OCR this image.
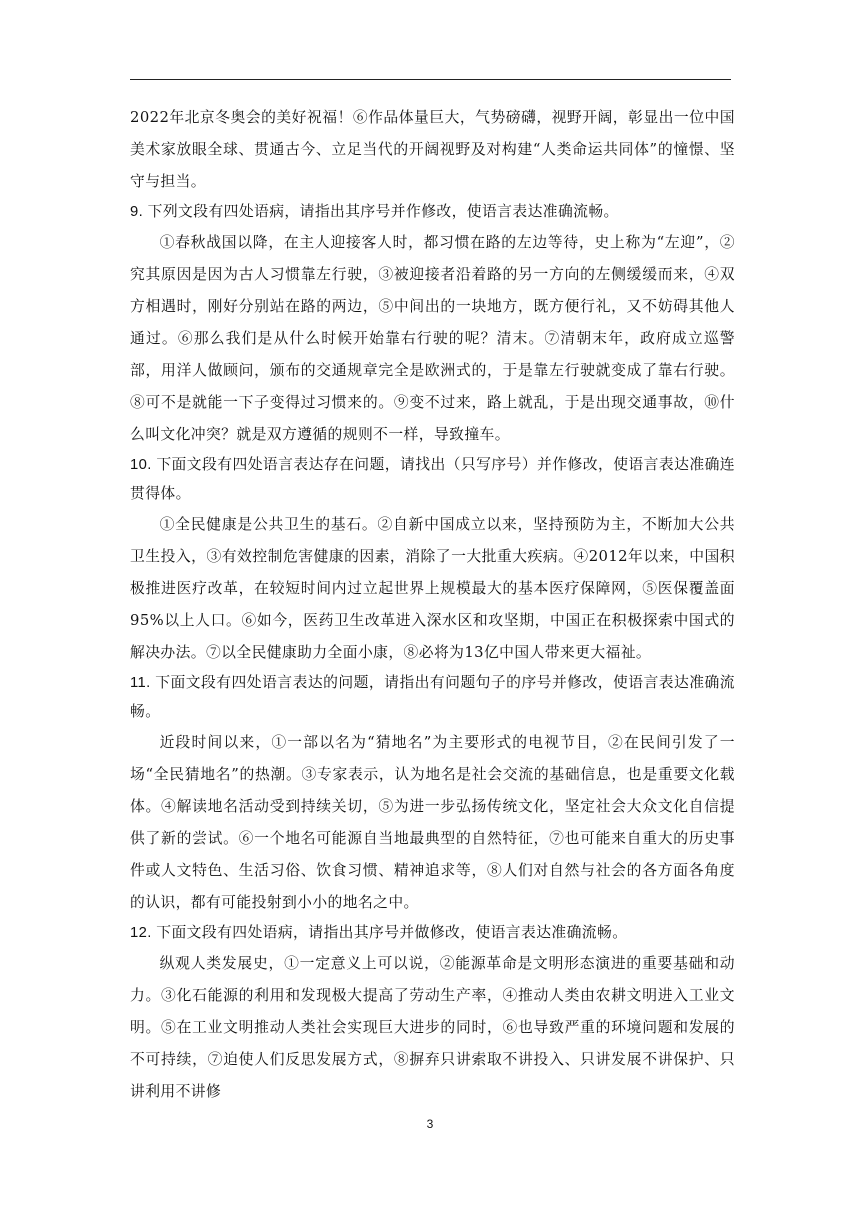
2022年北京冬奥会的美好祝福！⑥作品体量巨大，气势磅礴，视野开阔，彰显出一位中国美术家放眼全球、贯通古今、立足当代的开阔视野及对构建“人类命运共同体”的憧憬、坚守与担当。

9. 下列文段有四处语病，请指出其序号并作修改，使语言表达准确流畅。

①春秋战国以降，在主人迎接客人时，都习惯在路的左边等待，史上称为“左迎”，②究其原因是因为古人习惯靠左行驶，③被迎接者沿着路的另一方向的左侧缓缓而来，④双方相遇时，刚好分别站在路的两边，⑤中间出的一块地方，既方便行礼，又不妨碍其他人通过。⑥那么我们是从什么时候开始靠右行驶的呢？清末。⑦清朝末年，政府成立巡警部，用洋人做顾问，颁布的交通规章完全是欧洲式的，于是靠左行驶就变成了靠右行驶。⑧可不是就能一下子变得过习惯来的。⑨变不过来，路上就乱，于是出现交通事故，⑩什么叫文化冲突？就是双方遵循的规则不一样，导致撞车。

10. 下面文段有四处语言表达存在问题，请找出（只写序号）并作修改，使语言表达准确连贯得体。

①全民健康是公共卫生的基石。②自新中国成立以来，坚持预防为主，不断加大公共卫生投入，③有效控制危害健康的因素，消除了一大批重大疾病。④2012年以来，中国积极推进医疗改革，在较短时间内过立起世界上规模最大的基本医疗保障网，⑤医保覆盖面95%以上人口。⑥如今，医药卫生改革进入深水区和攻坚期，中国正在积极探索中国式的解决办法。⑦以全民健康助力全面小康，⑧必将为13亿中国人带来更大福祉。

11. 下面文段有四处语言表达的问题，请指出有问题句子的序号并修改，使语言表达准确流畅。

近段时间以来，①一部以名为“猜地名”为主要形式的电视节目，②在民间引发了一场“全民猜地名”的热潮。③专家表示，认为地名是社会交流的基础信息，也是重要文化载体。④解读地名活动受到持续关切，⑤为进一步弘扬传统文化，坚定社会大众文化自信提供了新的尝试。⑥一个地名可能源自当地最典型的自然特征，⑦也可能来自重大的历史事件或人文特色、生活习俗、饮食习惯、精神追求等，⑧人们对自然与社会的各方面各角度的认识，都有可能投射到小小的地名之中。

12. 下面文段有四处语病，请指出其序号并做修改，使语言表达准确流畅。

纵观人类发展史，①一定意义上可以说，②能源革命是文明形态演进的重要基础和动力。③化石能源的利用和发现极大提高了劳动生产率，④推动人类由农耕文明进入工业文明。⑤在工业文明推动人类社会实现巨大进步的同时，⑥也导致严重的环境问题和发展的不可持续，⑦迫使人们反思发展方式，⑧摒弃只讲索取不讲投入、只讲发展不讲保护、只讲利用不讲修

3
